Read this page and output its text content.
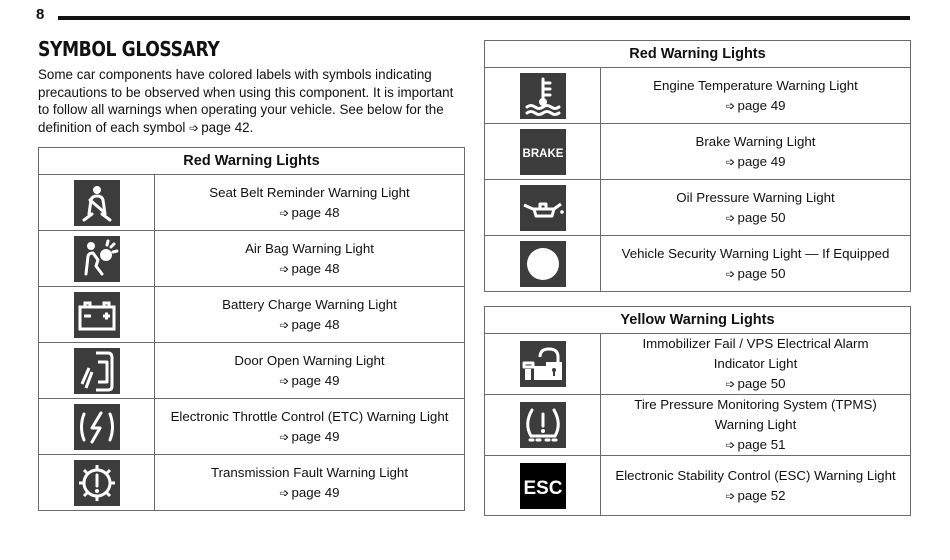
8
SYMBOL GLOSSARY
Some car components have colored labels with symbols indicating precautions to be observed when using this component. It is important to follow all warnings when operating your vehicle. See below for the definition of each symbol ➩ page 42.
Red Warning Lights	

Seat Belt Reminder Warning Light
➩ page 48

Air Bag Warning Light
➩ page 48

Battery Charge Warning Light
➩ page 48

Door Open Warning Light
➩ page 49

Electronic Throttle Control (ETC) Warning Light
➩ page 49

Transmission Fault Warning Light
➩ page 49
Red Warning Lights	

Engine Temperature Warning Light
➩ page 49

BRAKE	Brake Warning Light
➩ page 49

Oil Pressure Warning Light
➩ page 50

Vehicle Security Warning Light — If Equipped
➩ page 50
Yellow Warning Lights	

Immobilizer Fail / VPS Electrical Alarm
Indicator Light
➩ page 50

Tire Pressure Monitoring System (TPMS)
Warning Light
➩ page 51

ESC	Electronic Stability Control (ESC) Warning Light
➩ page 52
